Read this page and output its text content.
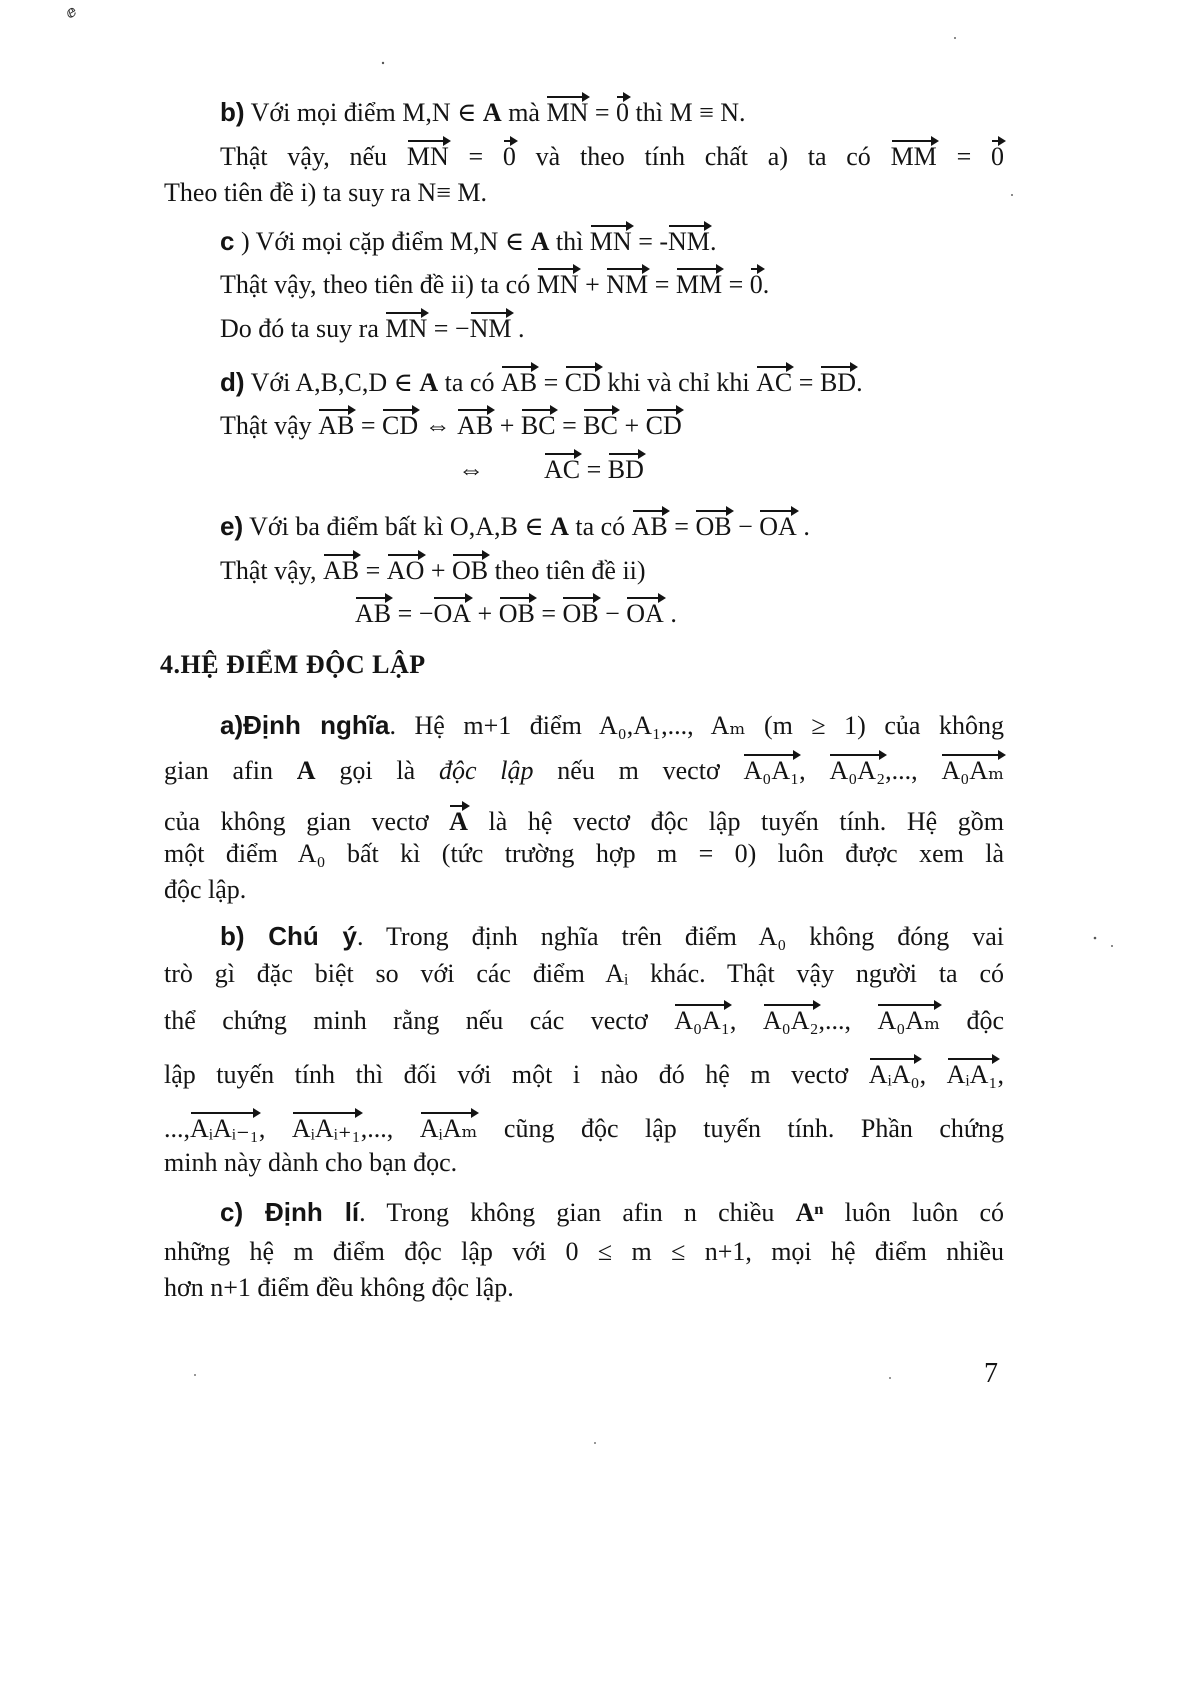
ⅇ
b) Với mọi điểm M,N ∈ A mà MN = 0 thì M ≡ N.
Thật vậy, nếu MN = 0 và theo tính chất a) ta có MM = 0
Theo tiên đề i) ta suy ra N≡ M.
c ) Với mọi cặp điểm M,N ∈ A thì MN = -NM.
Thật vậy, theo tiên đề ii) ta có MN + NM = MM = 0.
Do đó ta suy ra MN = −NM .
d) Với A,B,C,D ∈ A ta có AB = CD khi và chỉ khi AC = BD.
Thật vậy AB = CD ⇔ AB + BC = BC + CD
⇔ AC = BD
e) Với ba điểm bất kì O,A,B ∈ A ta có AB = OB − OA .
Thật vậy, AB = AO + OB theo tiên đề ii)
AB = −OA + OB = OB − OA .
4.HỆ ĐIỂM ĐỘC LẬP
a)Định nghĩa. Hệ m+1 điểm A₀,A₁,..., Aₘ (m ≥ 1) của không
gian afin A gọi là độc lập nếu m vectơ A₀A₁, A₀A₂,..., A₀Aₘ
của không gian vectơ A là hệ vectơ độc lập tuyến tính. Hệ gồm
một điểm A₀ bất kì (tức trường hợp m = 0) luôn được xem là
độc lập.
b) Chú ý. Trong định nghĩa trên điểm A₀ không đóng vai
trò gì đặc biệt so với các điểm Aᵢ khác. Thật vậy người ta có
thể chứng minh rằng nếu các vectơ A₀A₁, A₀A₂,..., A₀Aₘ độc
lập tuyến tính thì đối với một i nào đó hệ m vectơ AᵢA₀, AᵢA₁,
...,AᵢAᵢ₋₁, AᵢAᵢ₊₁,..., AᵢAₘ cũng độc lập tuyến tính. Phần chứng
minh này dành cho bạn đọc.
c) Định lí. Trong không gian afin n chiều Aⁿ luôn luôn có
những hệ m điểm độc lập với 0 ≤ m ≤ n+1, mọi hệ điểm nhiều
hơn n+1 điểm đều không độc lập.
7
